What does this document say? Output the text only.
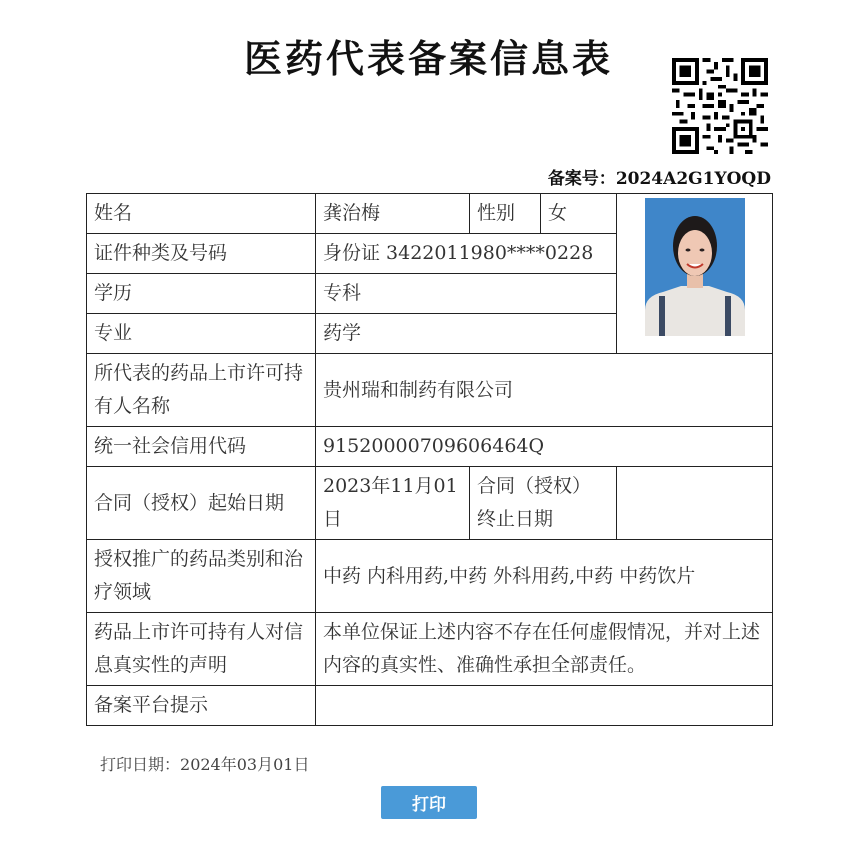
医药代表备案信息表
备案号：2024A2G1YOQD
姓名	龚治梅	性别	女	

证件种类及号码	身份证 3422011980****0228			
学历	专科			
专业	药学			
所代表的药品上市许可持有人名称	贵州瑞和制药有限公司			
统一社会信用代码	91520000709606464Q			
合同（授权）起始日期	2023年11月01日	合同（授权）终止日期		
授权推广的药品类别和治疗领域	中药 内科用药,中药 外科用药,中药 中药饮片			
药品上市许可持有人对信息真实性的声明	本单位保证上述内容不存在任何虚假情况，并对上述内容的真实性、准确性承担全部责任。			
备案平台提示				
打印日期：2024年03月01日
打印
